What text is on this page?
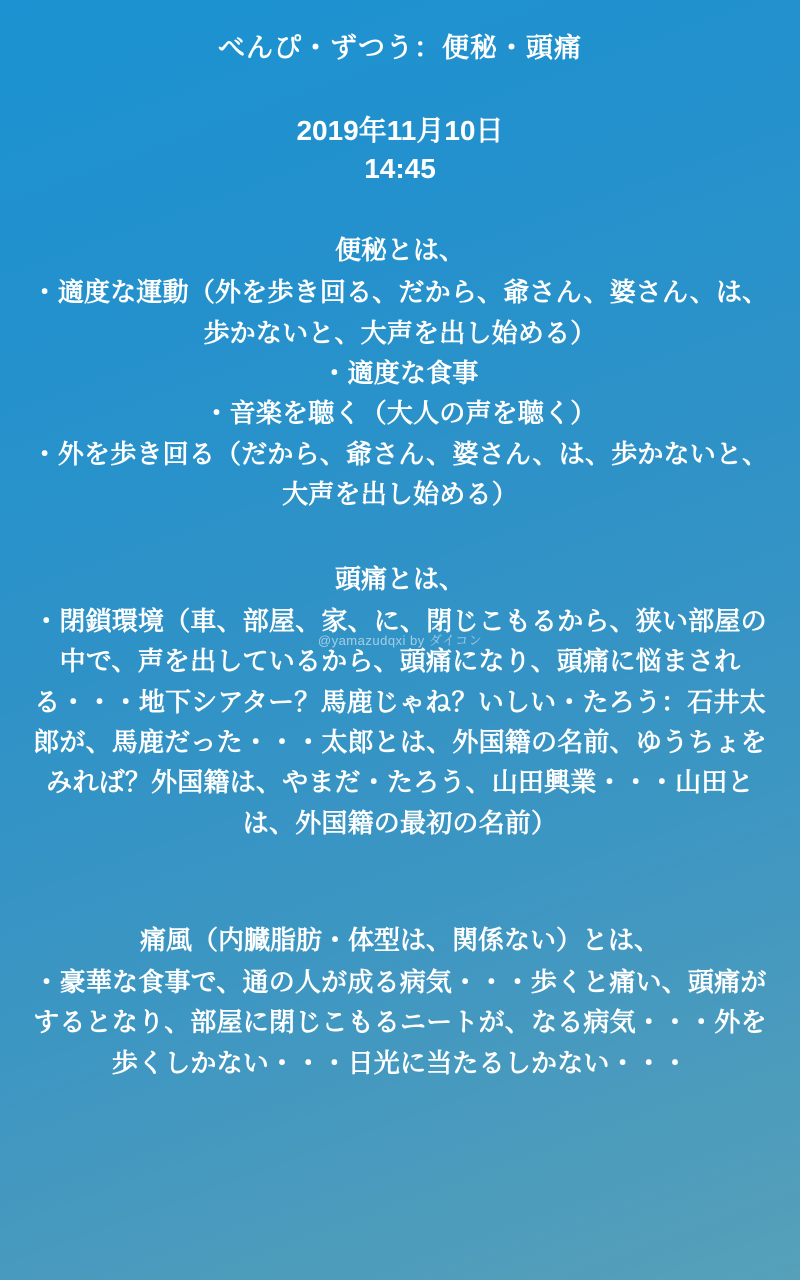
べんぴ・ずつう：便秘・頭痛
2019年11月10日
14:45
便秘とは、
・適度な運動（外を歩き回る、だから、爺さん、婆さん、は、歩かないと、大声を出し始める）
・適度な食事
・音楽を聴く（大人の声を聴く）
・外を歩き回る（だから、爺さん、婆さん、は、歩かないと、大声を出し始める）
頭痛とは、
・閉鎖環境（車、部屋、家、に、閉じこもるから、狭い部屋の中で、声を出しているから、頭痛になり、頭痛に悩まされる・・・地下シアター？馬鹿じゃね？いしい・たろう：石井太郎が、馬鹿だった・・・太郎とは、外国籍の名前、ゆうちょをみれば？外国籍は、やまだ・たろう、山田興業・・・山田とは、外国籍の最初の名前）
痛風（内臓脂肪・体型は、関係ない）とは、
・豪華な食事で、通の人が成る病気・・・歩くと痛い、頭痛がするとなり、部屋に閉じこもるニートが、なる病気・・・外を歩くしかない・・・日光に当たるしかない・・・
@yamazudqxi by ダイコン
